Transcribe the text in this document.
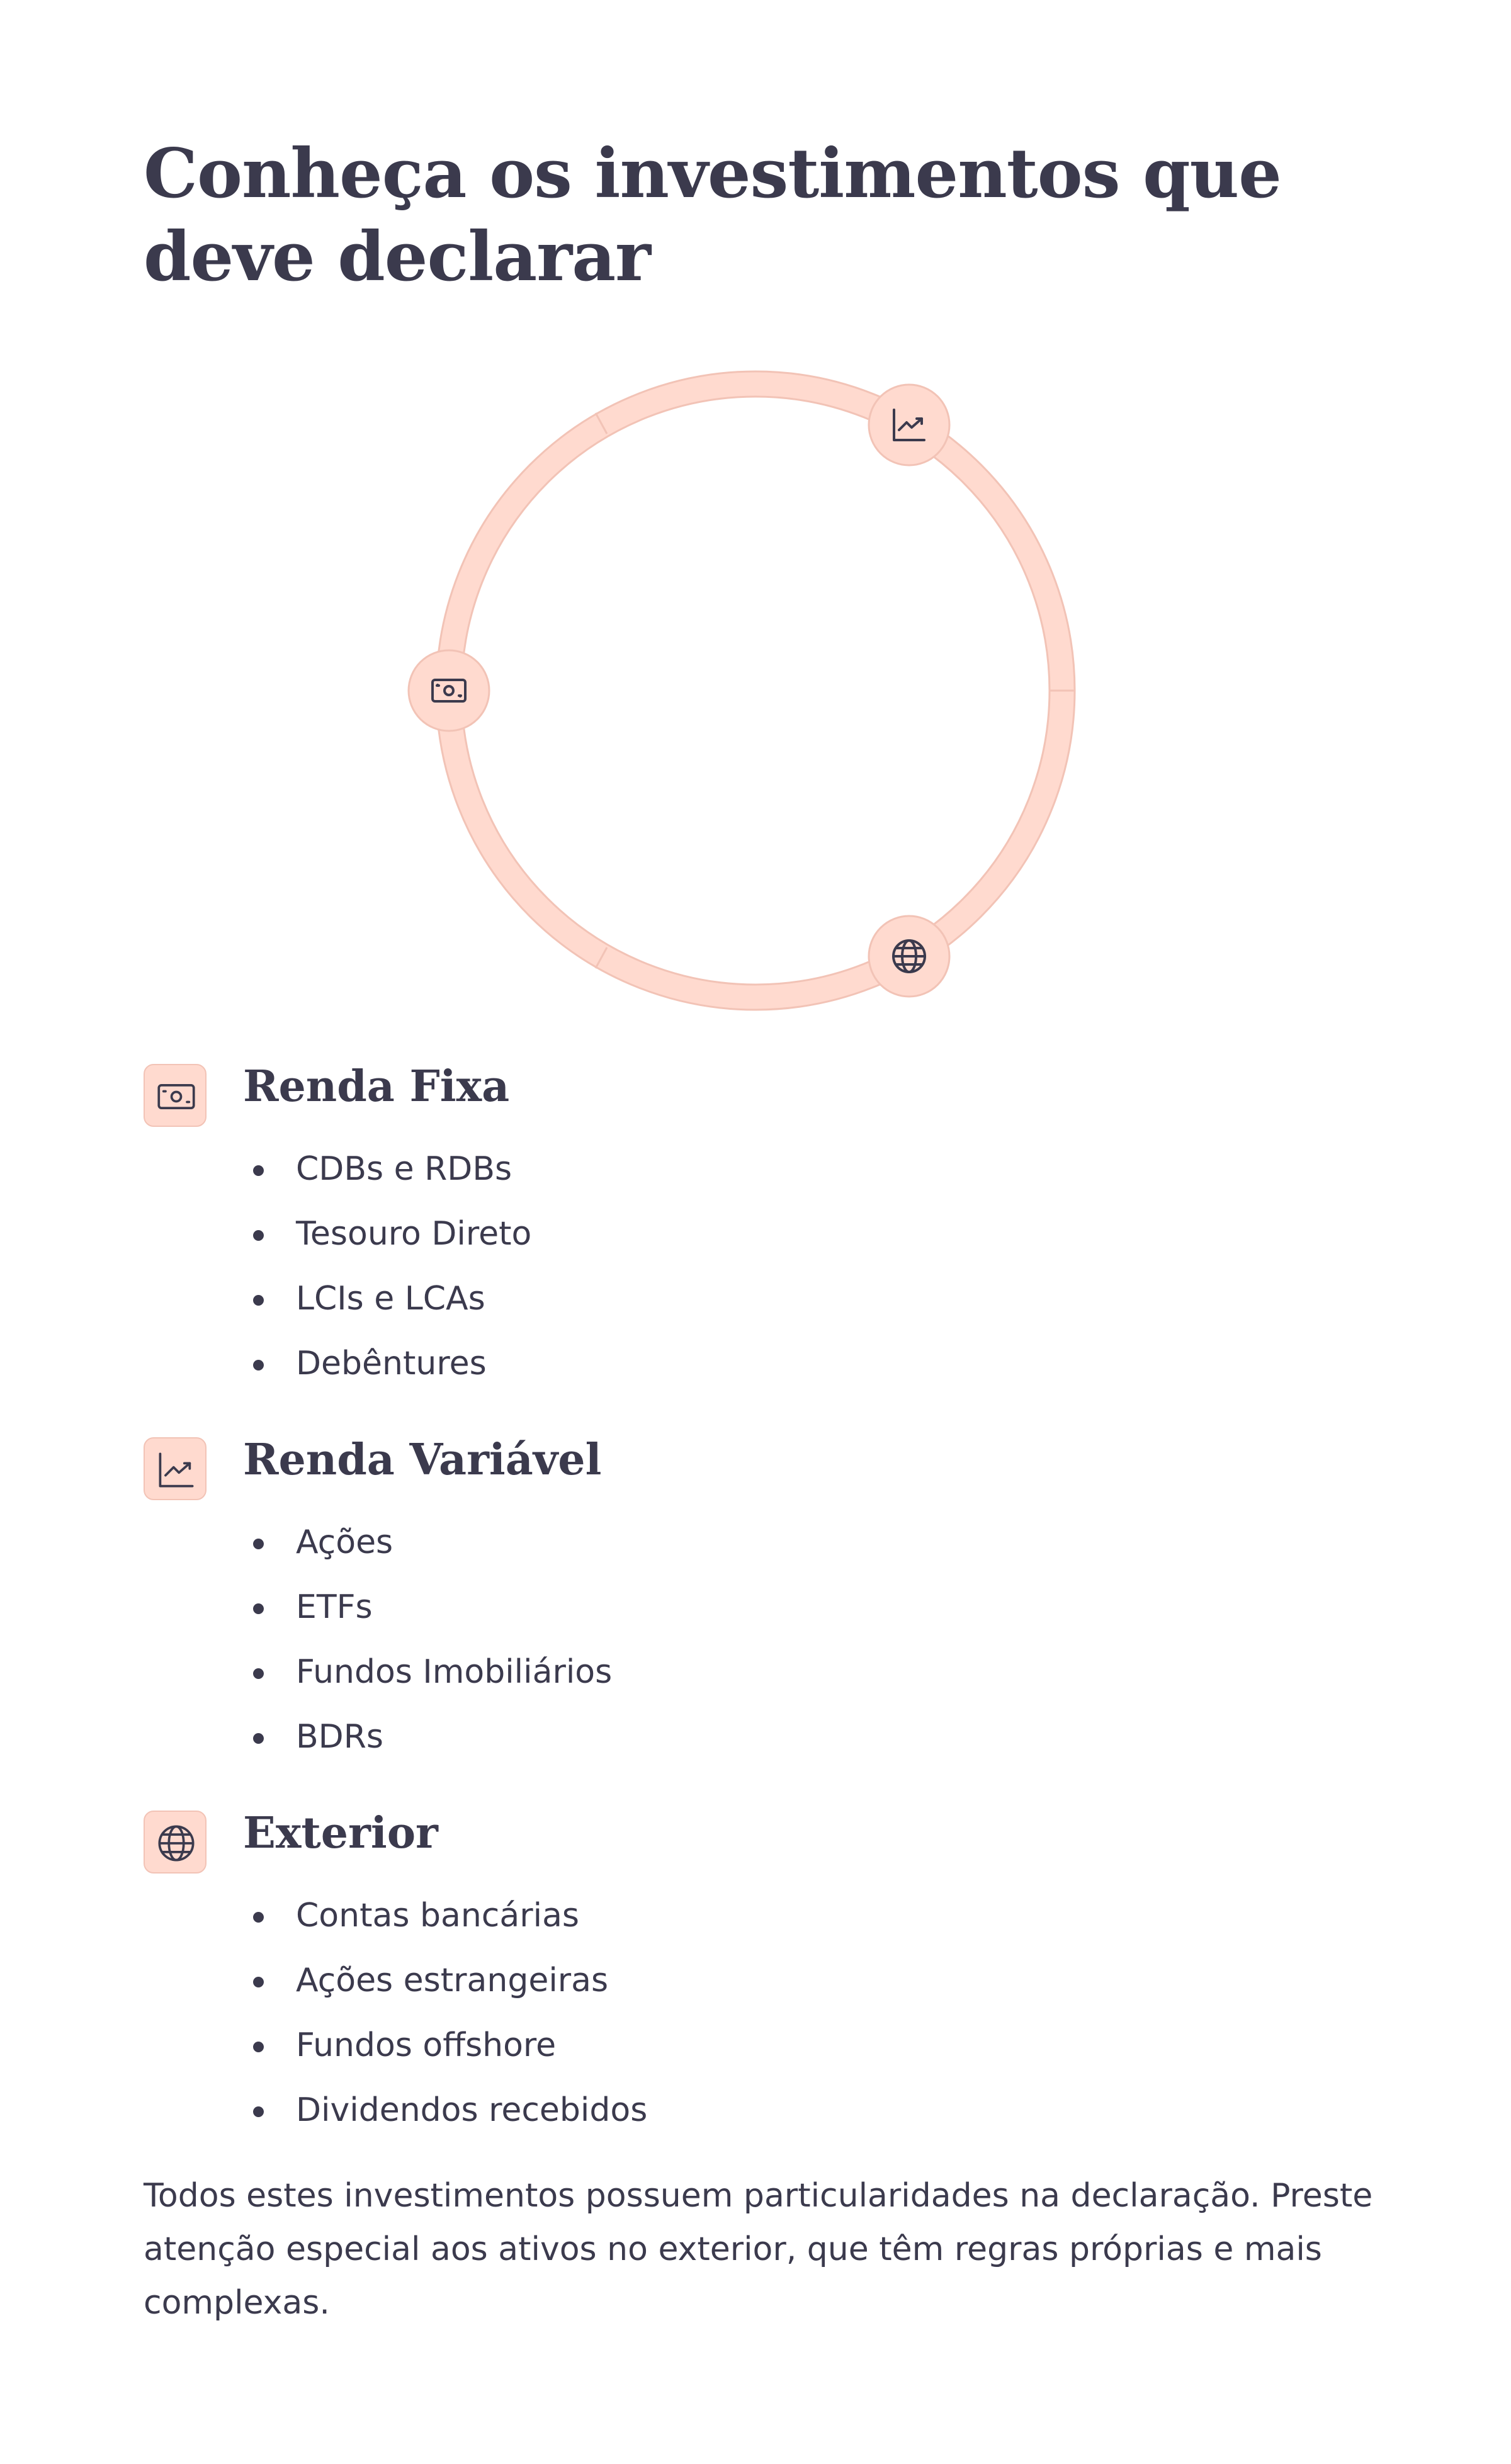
Conheça os investimentos que deve declarar
Renda Fixa
CDBs e RDBs
Tesouro Direto
LCIs e LCAs
Debêntures
Renda Variável
Ações
ETFs
Fundos Imobiliários
BDRs
Exterior
Contas bancárias
Ações estrangeiras
Fundos offshore
Dividendos recebidos

Todos estes investimentos possuem particularidades na declaração. Preste atenção especial aos ativos no exterior, que têm regras próprias e mais complexas.
